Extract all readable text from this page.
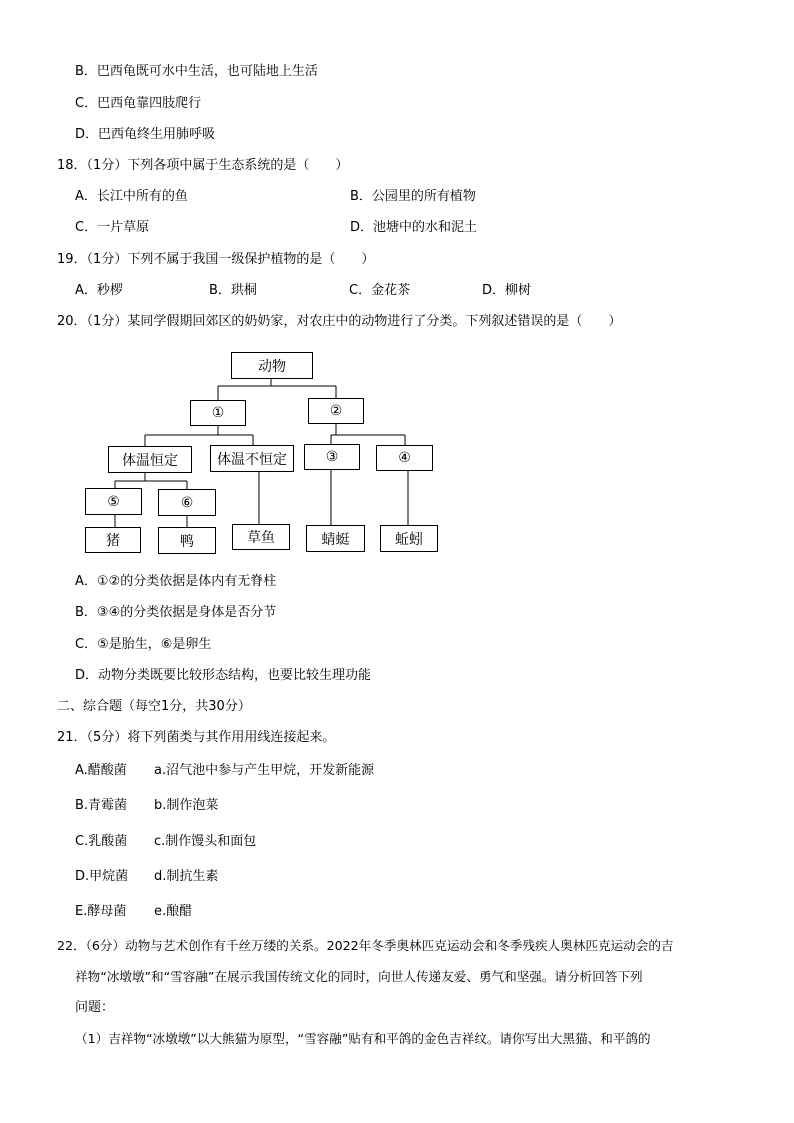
B．巴西龟既可水中生活，也可陆地上生活
C．巴西龟靠四肢爬行
D．巴西龟终生用肺呼吸
18．（1分）下列各项中属于生态系统的是（　　）
A．长江中所有的鱼	B．公园里的所有植物
C．一片草原	D．池塘中的水和泥土
19．（1分）下列不属于我国一级保护植物的是（　　）
A．秒椤	B．珙桐	C．金花茶	D．柳树
20．（1分）某同学假期回郊区的奶奶家，对农庄中的动物进行了分类。下列叙述错误的是（　　）
动物
①	②
体温恒定	体温不恒定	③	④
⑤	⑥
猪	鸭	草鱼	蜻蜓	蚯蚓
A．①②的分类依据是体内有无脊柱
B．③④的分类依据是身体是否分节
C．⑤是胎生，⑥是卵生
D．动物分类既要比较形态结构，也要比较生理功能
二、综合题（每空1分，共30分）
21．（5分）将下列菌类与其作用用线连接起来。
A.醋酸菌 a.沼气池中参与产生甲烷，开发新能源
B.青霉菌 b.制作泡菜
C.乳酸菌 c.制作馒头和面包
D.甲烷菌 d.制抗生素
E.酵母菌 e.酿醋
22．（6分）动物与艺术创作有千丝万缕的关系。2022年冬季奥林匹克运动会和冬季残疾人奥林匹克运动会的吉
祥物“冰墩墩”和“雪容融”在展示我国传统文化的同时，向世人传递友爱、勇气和坚强。请分析回答下列
问题：
（1）吉祥物“冰墩墩”以大熊猫为原型，“雪容融”贴有和平鸽的金色吉祥纹。请你写出大黑猫、和平鸽的
